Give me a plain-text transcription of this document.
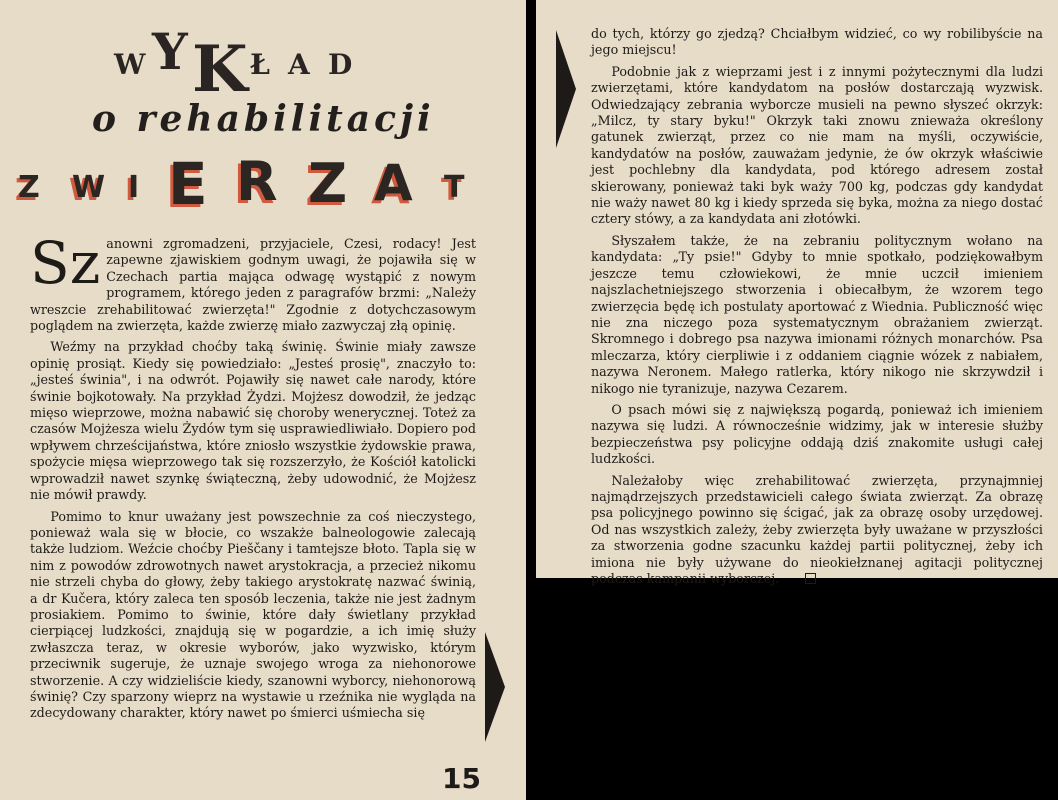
W Y K Ł A D
o rehabilitacji
Z W I E R Z A T

Sz anowni zgromadzeni, przyjaciele, Czesi, rodacy! Jest zapewne zjawiskiem godnym uwagi, że pojawiła się w Czechach partia mająca odwagę wystąpić z nowym programem, którego jeden z paragrafów brzmi: „Należy wreszcie zrehabilitować zwierzęta!" Zgodnie z dotychczasowym poglądem na zwierzęta, każde zwierzę miało zazwyczaj złą opinię.

Weźmy na przykład choćby taką świnię. Świnie miały zawsze opinię prosiąt. Kiedy się powiedziało: „Jesteś prosię", znaczyło to: „jesteś świnia", i na odwrót. Pojawiły się nawet całe narody, które świnie bojkotowały. Na przykład Żydzi. Mojżesz dowodził, że jedząc mięso wieprzowe, można nabawić się choroby wenerycznej. Toteż za czasów Mojżesza wielu Żydów tym się usprawiedliwiało. Dopiero pod wpływem chrześcijaństwa, które zniosło wszystkie żydowskie prawa, spożycie mięsa wieprzowego tak się rozszerzyło, że Kościół katolicki wprowadził nawet szynkę świąteczną, żeby udowodnić, że Mojżesz nie mówił prawdy.

Pomimo to knur uważany jest powszechnie za coś nieczystego, ponieważ wala się w błocie, co wszakże balneologowie zalecają także ludziom. Weźcie choćby Pieščany i tamtejsze błoto. Tapla się w nim z powodów zdrowotnych nawet arystokracja, a przecież nikomu nie strzeli chyba do głowy, żeby takiego arystokratę nazwać świnią, a dr Kučera, który zaleca ten sposób leczenia, także nie jest żadnym prosiakiem. Pomimo to świnie, które dały świetlany przykład cierpiącej ludzkości, znajdują się w pogardzie, a ich imię służy zwłaszcza teraz, w okresie wyborów, jako wyzwisko, którym przeciwnik sugeruje, że uznaje swojego wroga za niehonorowe stworzenie. A czy widzieliście kiedy, szanowni wyborcy, niehonorową świnię? Czy sparzony wieprz na wystawie u rzeźnika nie wygląda na zdecydowany charakter, który nawet po śmierci uśmiecha się

15

do tych, którzy go zjedzą? Chciałbym widzieć, co wy robilibyście na jego miejscu!

Podobnie jak z wieprzami jest i z innymi pożytecznymi dla ludzi zwierzętami, które kandydatom na posłów dostarczają wyzwisk. Odwiedzający zebrania wyborcze musieli na pewno słyszeć okrzyk: „Milcz, ty stary byku!" Okrzyk taki znowu znieważa określony gatunek zwierząt, przez co nie mam na myśli, oczywiście, kandydatów na posłów, zauważam jedynie, że ów okrzyk właściwie jest pochlebny dla kandydata, pod którego adresem został skierowany, ponieważ taki byk waży 700 kg, podczas gdy kandydat nie waży nawet 80 kg i kiedy sprzeda się byka, można za niego dostać cztery stówy, a za kandydata ani złotówki.

Słyszałem także, że na zebraniu politycznym wołano na kandydata: „Ty psie!" Gdyby to mnie spotkało, podziękowałbym jeszcze temu człowiekowi, że mnie uczcił imieniem najszlachetniejszego stworzenia i obiecałbym, że wzorem tego zwierzęcia będę ich postulaty aportować z Wiednia. Publiczność więc nie zna niczego poza systematycznym obrażaniem zwierząt. Skromnego i dobrego psa nazywa imionami różnych monarchów. Psa mleczarza, który cierpliwie i z oddaniem ciągnie wózek z nabiałem, nazywa Neronem. Małego ratlerka, który nikogo nie skrzywdził i nikogo nie tyranizuje, nazywa Cezarem.

O psach mówi się z największą pogardą, ponieważ ich imieniem nazywa się ludzi. A równocześnie widzimy, jak w interesie służby bezpieczeństwa psy policyjne oddają dziś znakomite usługi całej ludzkości.

Należałoby więc zrehabilitować zwierzęta, przynajmniej najmądrzejszych przedstawicieli całego świata zwierząt. Za obrazę psa policyjnego powinno się ścigać, jak za obrazę osoby urzędowej. Od nas wszystkich zależy, żeby zwierzęta były uważane w przyszłości za stworzenia godne szacunku każdej partii politycznej, żeby ich imiona nie były używane do nieokiełznanej agitacji politycznej podczas kampanii wyborczej.
